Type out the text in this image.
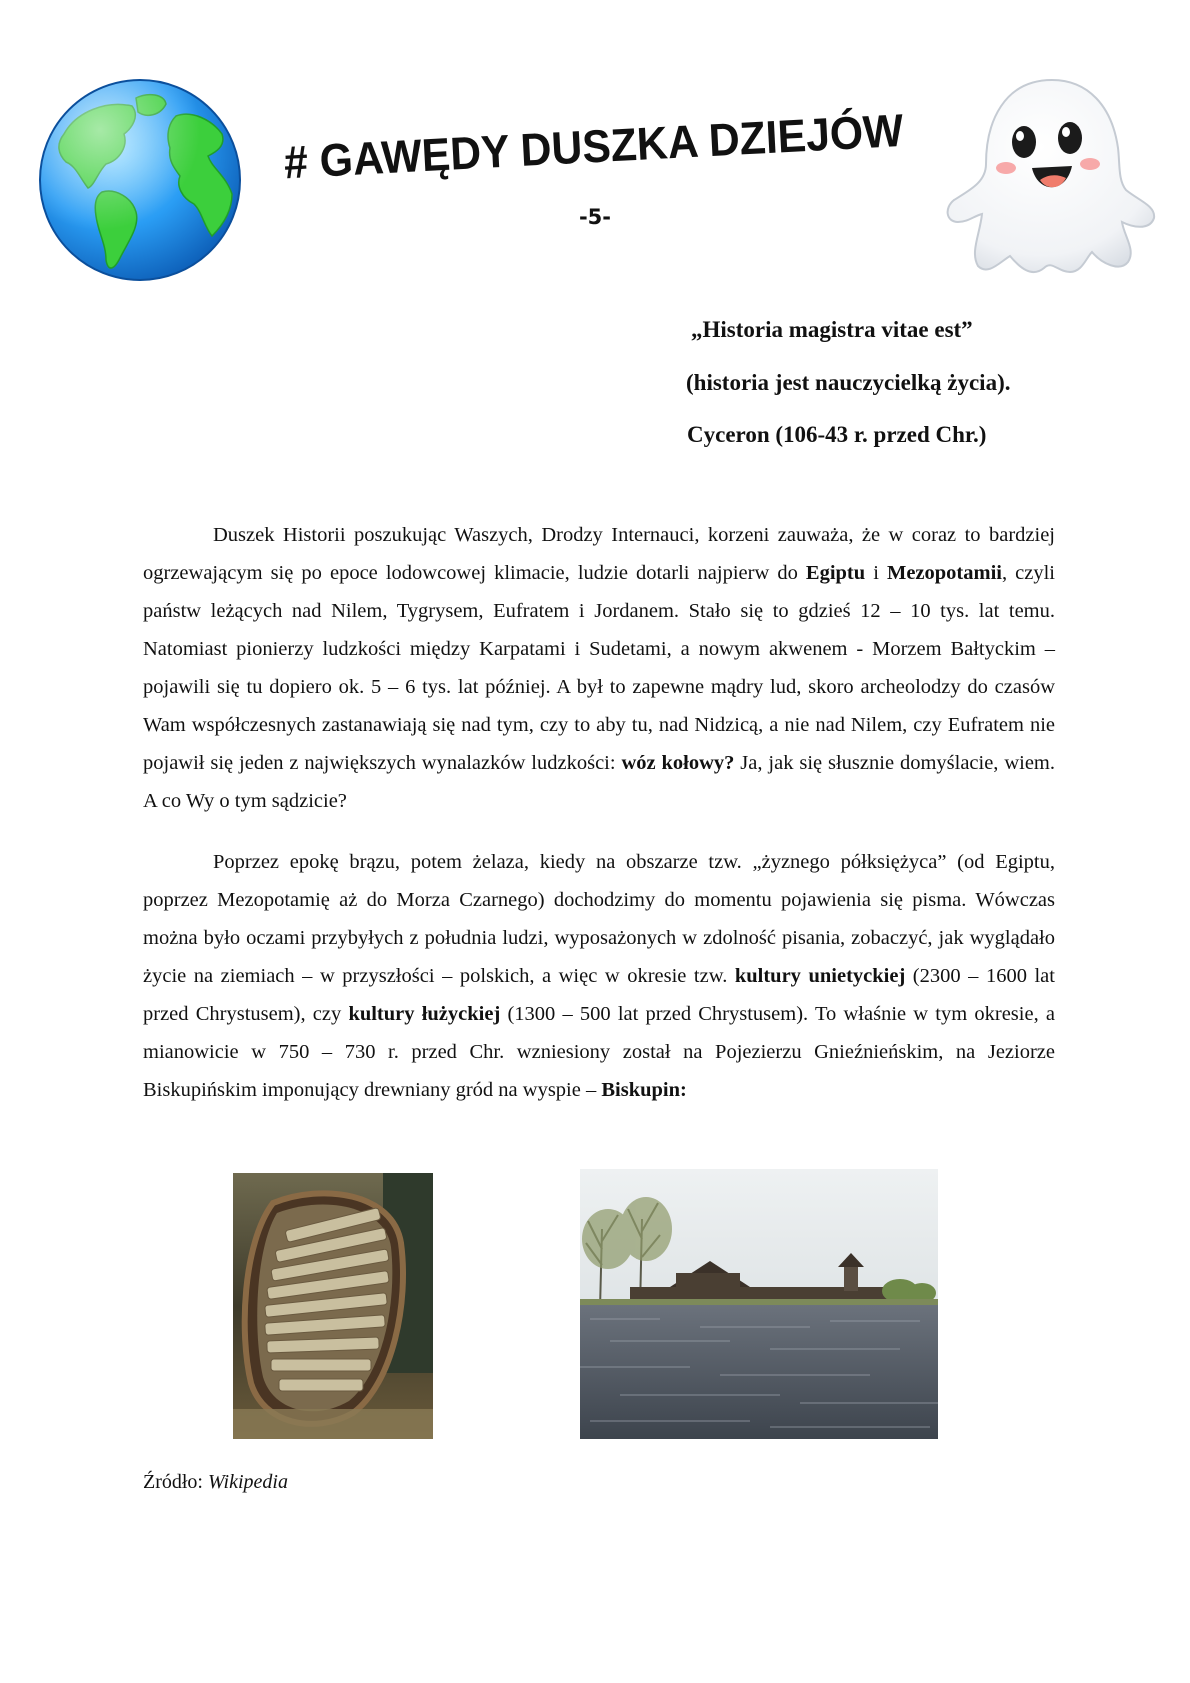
# GAWĘDY DUSZKA DZIEJÓW
-5-
„Historia magistra vitae est”
(historia jest nauczycielką życia).
Cyceron (106-43 r. przed Chr.)

Duszek Historii poszukując Waszych, Drodzy Internauci, korzeni zauważa, że w coraz to bardziej ogrzewającym się po epoce lodowcowej klimacie, ludzie dotarli najpierw do Egiptu i Mezopotamii, czyli państw leżących nad Nilem, Tygrysem, Eufratem i Jordanem. Stało się to gdzieś 12 – 10 tys. lat temu. Natomiast pionierzy ludzkości między Karpatami i Sudetami, a nowym akwenem - Morzem Bałtyckim – pojawili się tu dopiero ok. 5 – 6 tys. lat później. A był to zapewne mądry lud, skoro archeolodzy do czasów Wam współczesnych zastanawiają się nad tym, czy to aby tu, nad Nidzicą, a nie nad Nilem, czy Eufratem nie pojawił się jeden z największych wynalazków ludzkości: wóz kołowy? Ja, jak się słusznie domyślacie, wiem. A co Wy o tym sądzicie?

Poprzez epokę brązu, potem żelaza, kiedy na obszarze tzw. „żyznego półksiężyca” (od Egiptu, poprzez Mezopotamię aż do Morza Czarnego) dochodzimy do momentu pojawienia się pisma. Wówczas można było oczami przybyłych z południa ludzi, wyposażonych w zdolność pisania, zobaczyć, jak wyglądało życie na ziemiach – w przyszłości – polskich, a więc w okresie tzw. kultury unietyckiej (2300 – 1600 lat przed Chrystusem), czy kultury łużyckiej (1300 – 500 lat przed Chrystusem). To właśnie w tym okresie, a mianowicie w 750 – 730 r. przed Chr. wzniesiony został na Pojezierzu Gnieźnieńskim, na Jeziorze Biskupińskim imponujący drewniany gród na wyspie – Biskupin:

Źródło: Wikipedia
